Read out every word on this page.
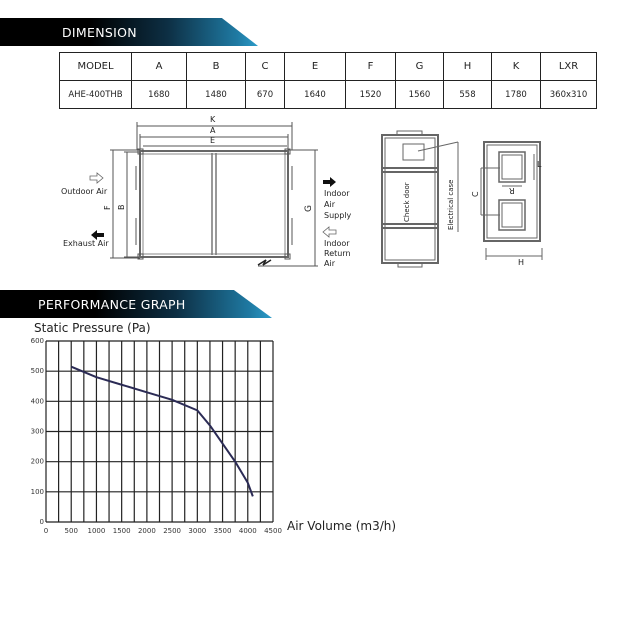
DIMENSION
MODEL	A	B	C	E	F	G	H	K	LXR
AHE-400THB	1680	1480	670	1640	1520	1560	558	1780	360x310
K
A
E
F B	G
Outdoor Air
Exhaust Air
Indoor
Air
Supply
Indoor
Return
Air
Check door	Electrical case
L
R
C
H
PERFORMANCE GRAPH
Static Pressure (Pa)
Air Volume (m3/h)
0
100
200
300
400
500
600
0 500 1000 1500 2000 2500 3000 3500 4000 4500
